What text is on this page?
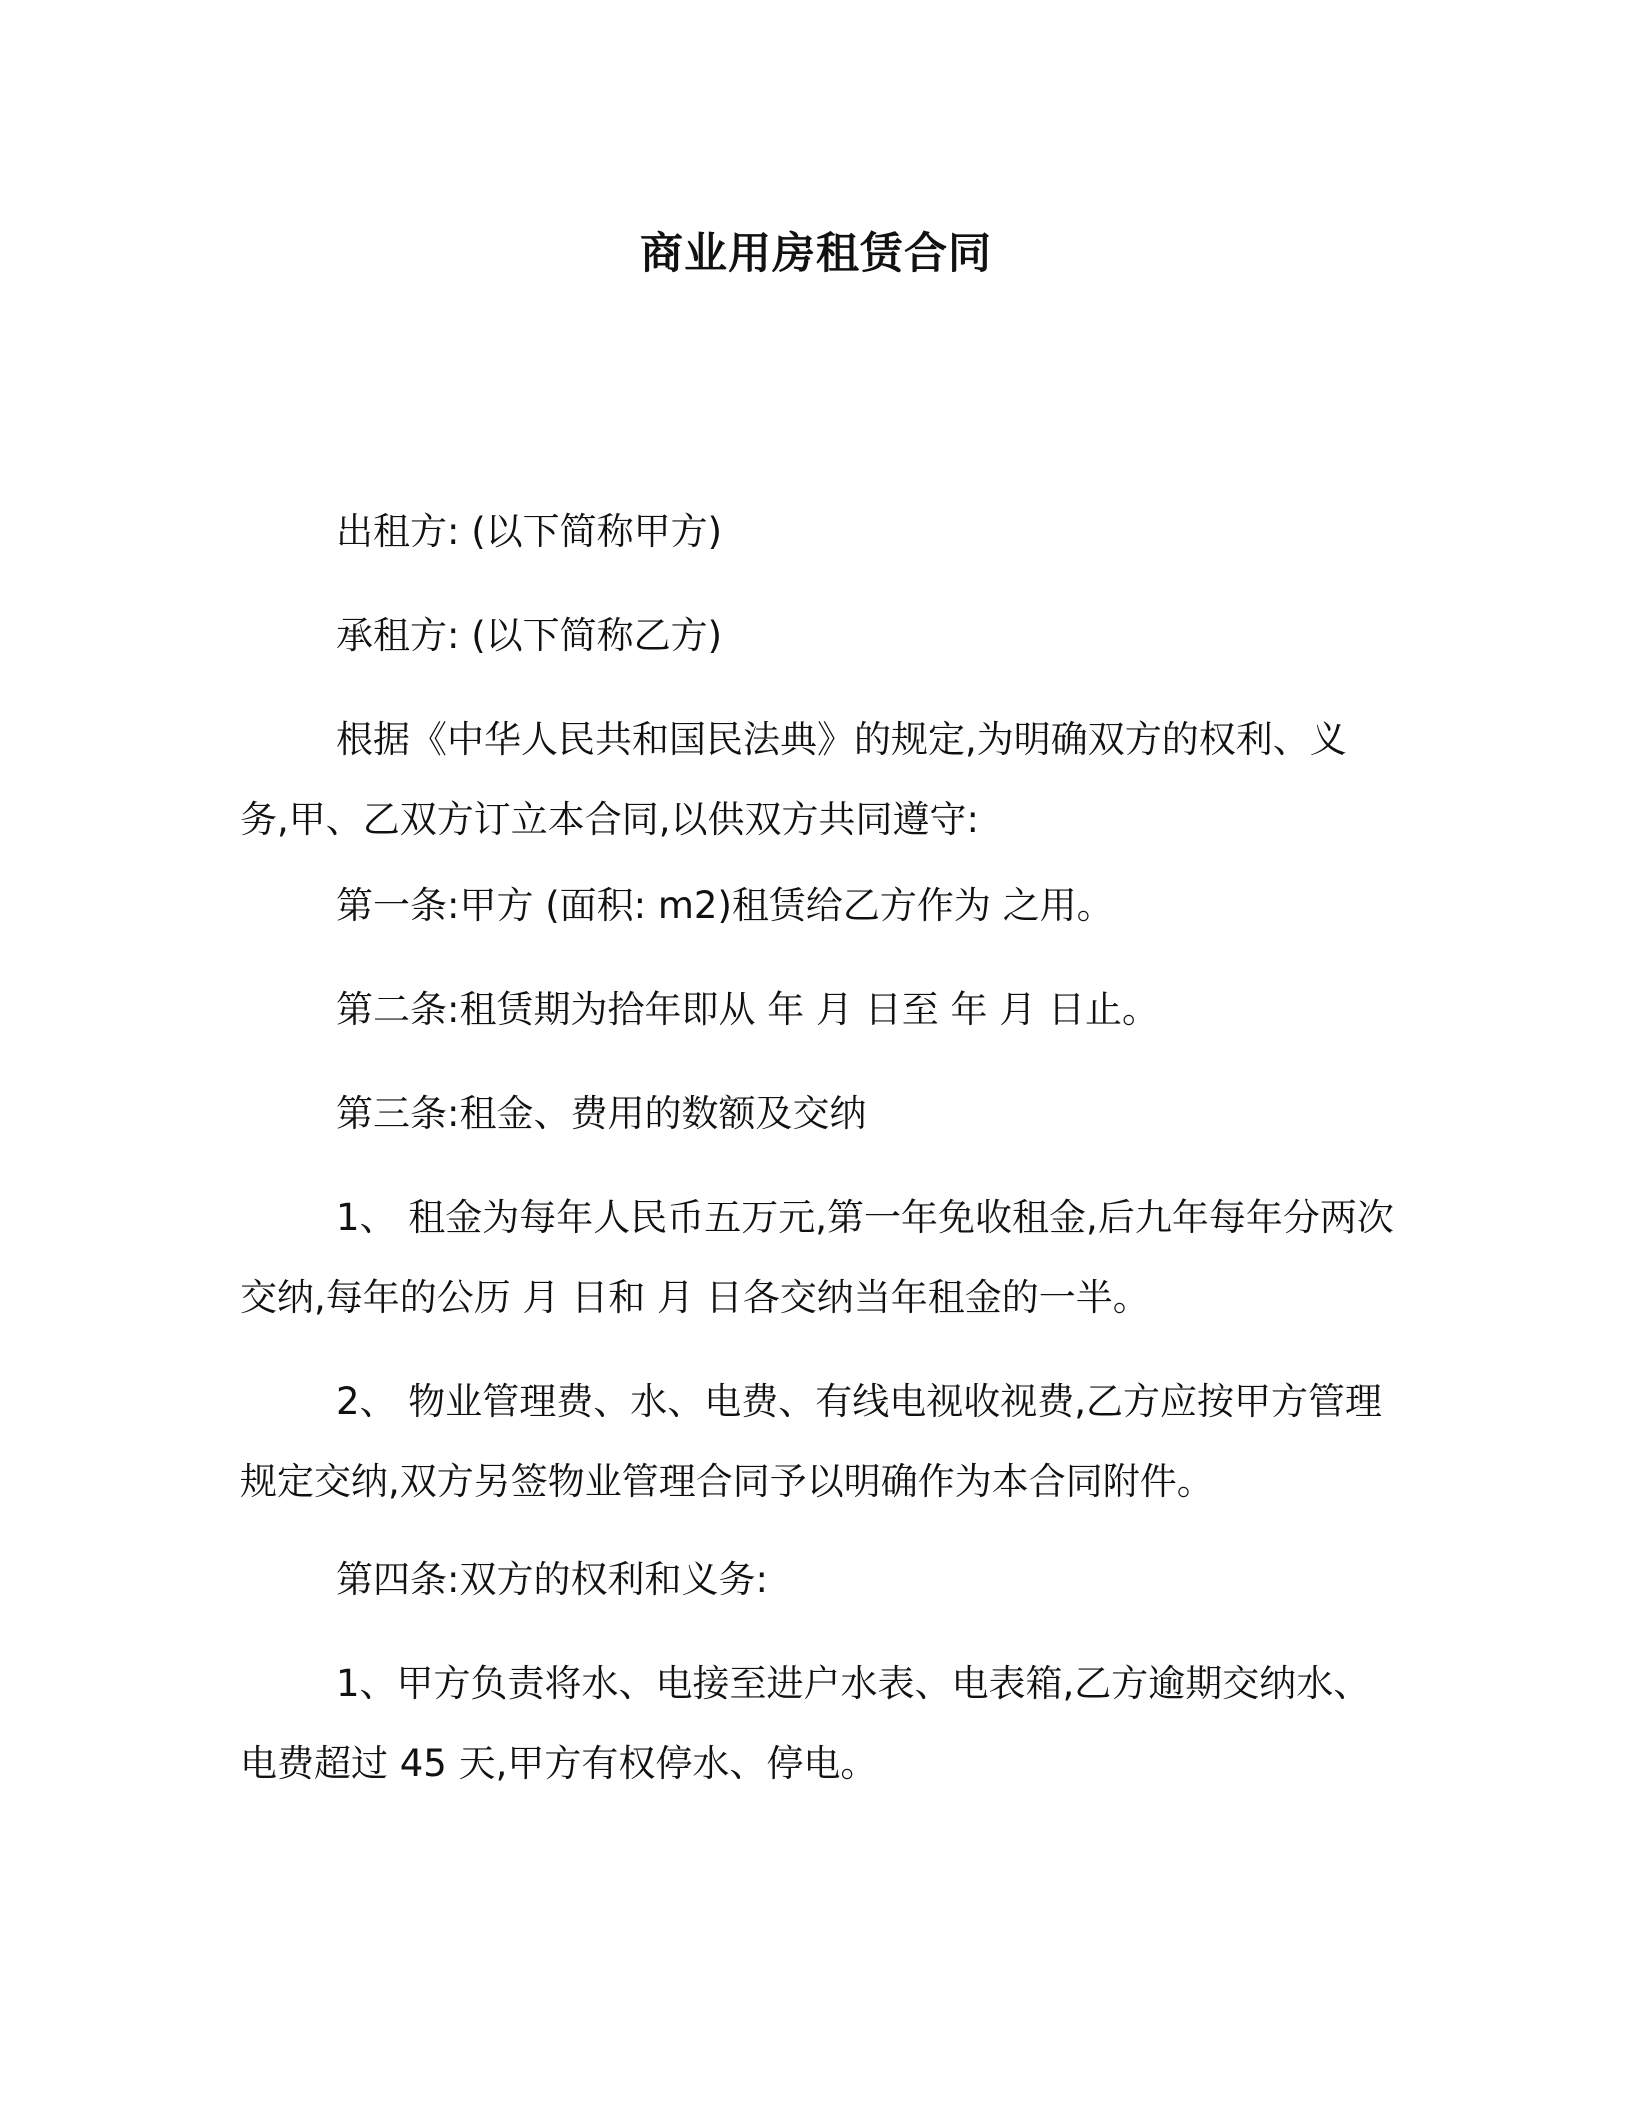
商业用房租赁合同
出租方: (以下简称甲方)
承租方: (以下简称乙方)
根据《中华人民共和国民法典》的规定,为明确双方的权利、义务,甲、乙双方订立本合同,以供双方共同遵守:
第一条:甲方 (面积: m2)租赁给乙方作为 之用。
第二条:租赁期为拾年即从 年 月 日至 年 月 日止。
第三条:租金、费用的数额及交纳
1、 租金为每年人民币五万元,第一年免收租金,后九年每年分两次交纳,每年的公历 月 日和 月 日各交纳当年租金的一半。
2、 物业管理费、水、电费、有线电视收视费,乙方应按甲方管理规定交纳,双方另签物业管理合同予以明确作为本合同附件。
第四条:双方的权利和义务:
1、甲方负责将水、电接至进户水表、电表箱,乙方逾期交纳水、电费超过 45 天,甲方有权停水、停电。
